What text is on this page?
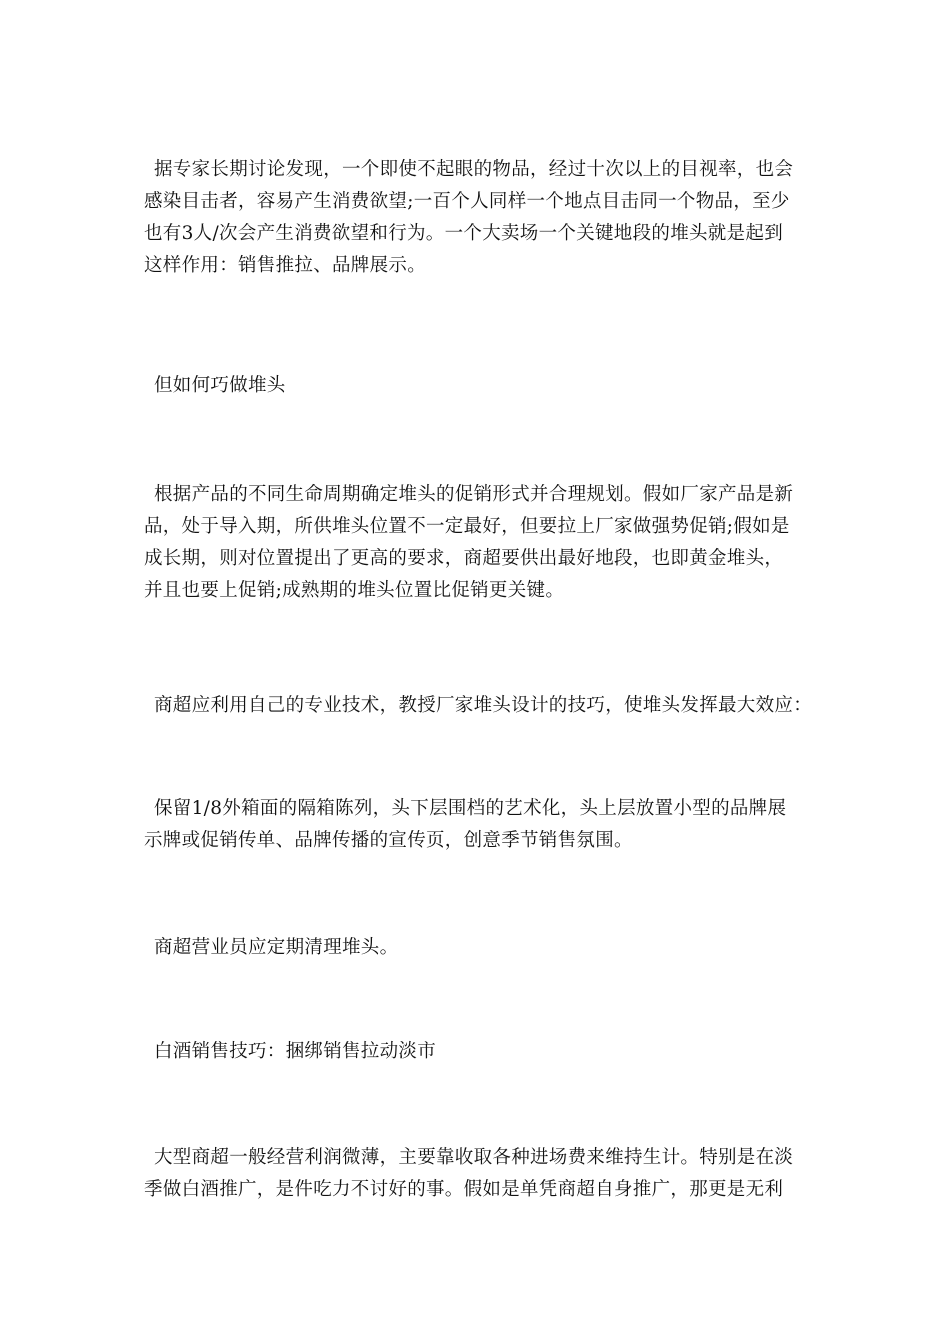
据专家长期讨论发现，一个即使不起眼的物品，经过十次以上的目视率，也会
感染目击者，容易产生消费欲望;一百个人同样一个地点目击同一个物品，至少
也有3人/次会产生消费欲望和行为。一个大卖场一个关键地段的堆头就是起到
这样作用：销售推拉、品牌展示。

但如何巧做堆头

根据产品的不同生命周期确定堆头的促销形式并合理规划。假如厂家产品是新
品，处于导入期，所供堆头位置不一定最好，但要拉上厂家做强势促销;假如是
成长期，则对位置提出了更高的要求，商超要供出最好地段，也即黄金堆头，
并且也要上促销;成熟期的堆头位置比促销更关键。

商超应利用自己的专业技术，教授厂家堆头设计的技巧，使堆头发挥最大效应：

保留1/8外箱面的隔箱陈列，头下层围档的艺术化，头上层放置小型的品牌展
示牌或促销传单、品牌传播的宣传页，创意季节销售氛围。

商超营业员应定期清理堆头。

白酒销售技巧：捆绑销售拉动淡市

大型商超一般经营利润微薄，主要靠收取各种进场费来维持生计。特别是在淡
季做白酒推广，是件吃力不讨好的事。假如是单凭商超自身推广，那更是无利
